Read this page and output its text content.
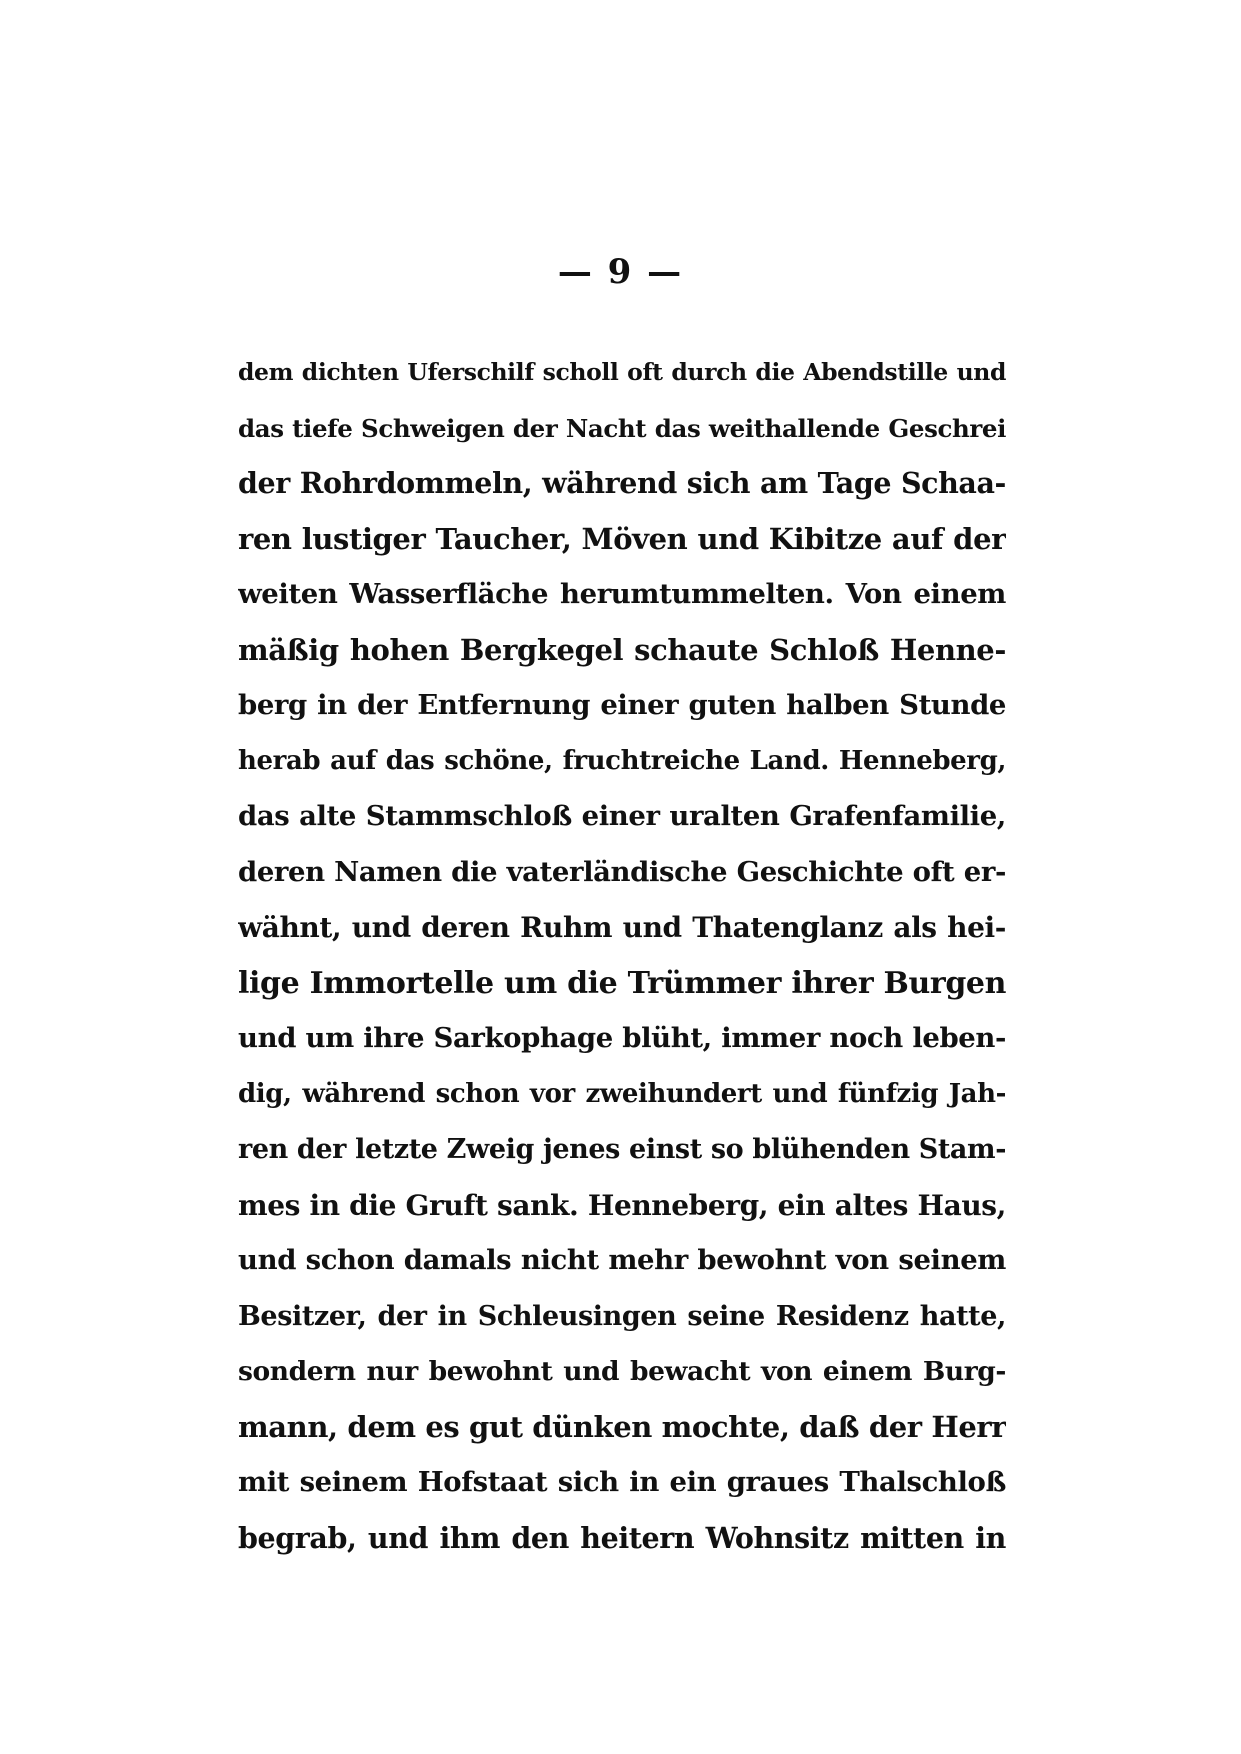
— 9 —
dem dichten Uferschilf scholl oft durch die Abendstille und
das tiefe Schweigen der Nacht das weithallende Geschrei
der Rohrdommeln, während sich am Tage Schaa-
ren lustiger Taucher, Möven und Kibitze auf der
weiten Wasserfläche herumtummelten. Von einem
mäßig hohen Bergkegel schaute Schloß Henne-
berg in der Entfernung einer guten halben Stunde
herab auf das schöne, fruchtreiche Land. Henneberg,
das alte Stammschloß einer uralten Grafenfamilie,
deren Namen die vaterländische Geschichte oft er-
wähnt, und deren Ruhm und Thatenglanz als hei-
lige Immortelle um die Trümmer ihrer Burgen
und um ihre Sarkophage blüht, immer noch leben-
dig, während schon vor zweihundert und fünfzig Jah-
ren der letzte Zweig jenes einst so blühenden Stam-
mes in die Gruft sank. Henneberg, ein altes Haus,
und schon damals nicht mehr bewohnt von seinem
Besitzer, der in Schleusingen seine Residenz hatte,
sondern nur bewohnt und bewacht von einem Burg-
mann, dem es gut dünken mochte, daß der Herr
mit seinem Hofstaat sich in ein graues Thalschloß
begrab, und ihm den heitern Wohnsitz mitten in
